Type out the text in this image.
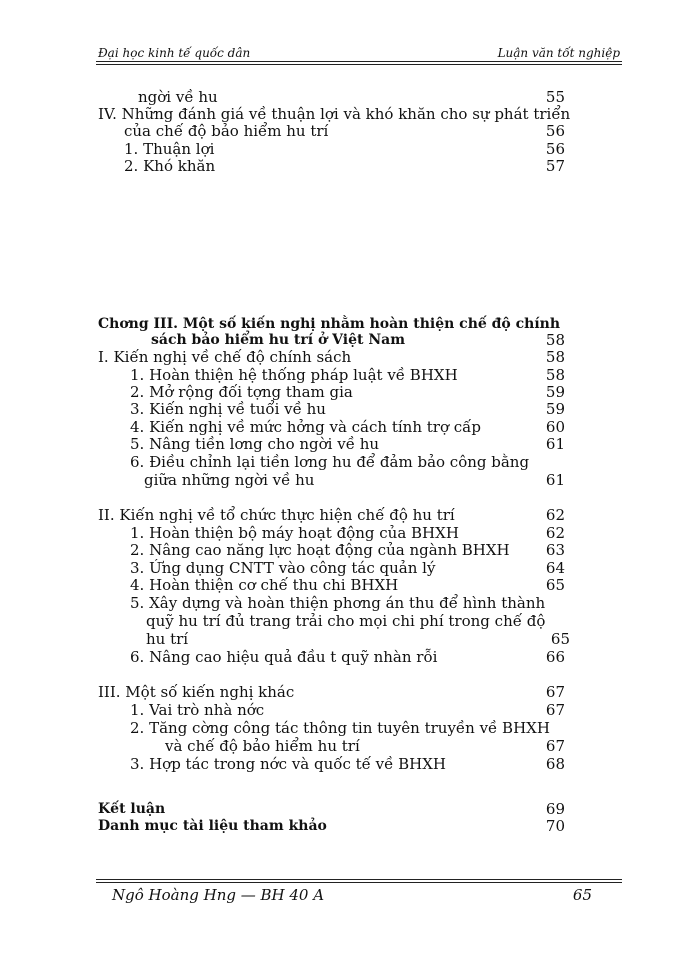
Đại học kinh tế quốc dân	Luận văn tốt nghiệp
ngời về hu	55
IV. Những đánh giá về thuận lợi và khó khăn cho sự phát triển
của chế độ bảo hiểm hu trí	56
1. Thuận lợi	56
2. Khó khăn	57
Chơng III. Một số kiến nghị nhằm hoàn thiện chế độ chính
sách bảo hiểm hu trí ở Việt Nam	58
I. Kiến nghị về chế độ chính sách	58
1. Hoàn thiện hệ thống pháp luật về BHXH	58
2. Mở rộng đối tợng tham gia	59
3. Kiến nghị về tuổi về hu	59
4. Kiến nghị về mức hởng và cách tính trợ cấp	60
5. Nâng tiền lơng cho ngời về hu	61
6. Điều chỉnh lại tiền lơng hu để đảm bảo công bằng
giữa những ngời về hu	61
II. Kiến nghị về tổ chức thực hiện chế độ hu trí	62
1. Hoàn thiện bộ máy hoạt động của BHXH	62
2. Nâng cao năng lực hoạt động của ngành BHXH	63
3. Ứng dụng CNTT vào công tác quản lý	64
4. Hoàn thiện cơ chế thu chi BHXH	65
5. Xây dựng và hoàn thiện phơng án thu để hình thành
quỹ hu trí đủ trang trải cho mọi chi phí trong chế độ
hu trí	65
6. Nâng cao hiệu quả đầu t quỹ nhàn rỗi	66
III. Một số kiến nghị khác	67
1. Vai trò nhà nớc	67
2. Tăng cờng công tác thông tin tuyên truyền về BHXH
và chế độ bảo hiểm hu trí	67
3. Hợp tác trong nớc và quốc tế về BHXH	68
Kết luận	69
Danh mục tài liệu tham khảo	70
Ngô Hoàng Hng — BH 40 A	65
